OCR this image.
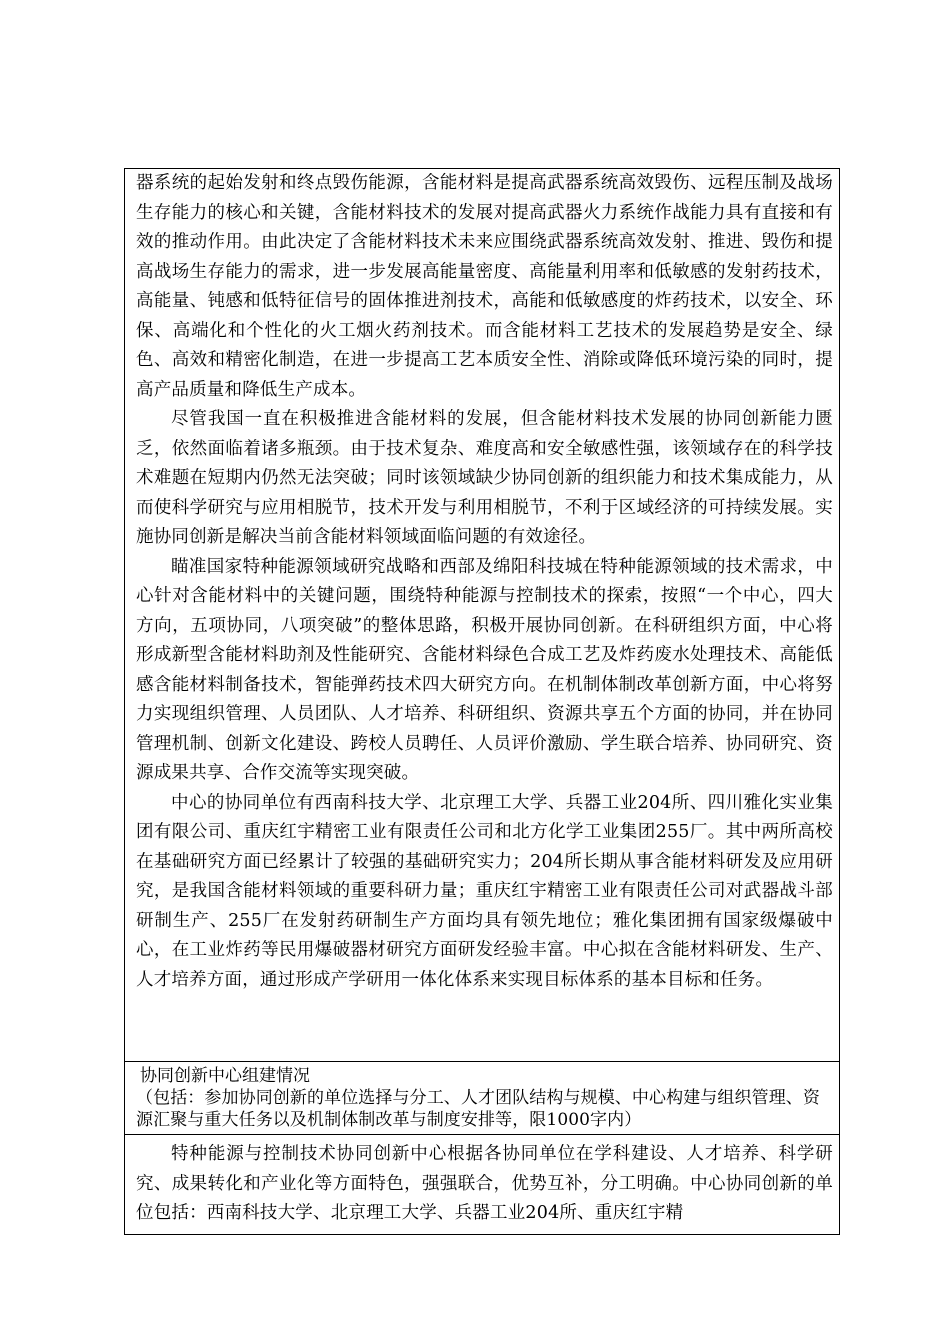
器系统的起始发射和终点毁伤能源，含能材料是提高武器系统高效毁伤、远程压制及战场生存能力的核心和关键，含能材料技术的发展对提高武器火力系统作战能力具有直接和有效的推动作用。由此决定了含能材料技术未来应围绕武器系统高效发射、推进、毁伤和提高战场生存能力的需求，进一步发展高能量密度、高能量利用率和低敏感的发射药技术，高能量、钝感和低特征信号的固体推进剂技术，高能和低敏感度的炸药技术，以安全、环保、高端化和个性化的火工烟火药剂技术。而含能材料工艺技术的发展趋势是安全、绿色、高效和精密化制造，在进一步提高工艺本质安全性、消除或降低环境污染的同时，提高产品质量和降低生产成本。

尽管我国一直在积极推进含能材料的发展，但含能材料技术发展的协同创新能力匮乏，依然面临着诸多瓶颈。由于技术复杂、难度高和安全敏感性强，该领域存在的科学技术难题在短期内仍然无法突破；同时该领域缺少协同创新的组织能力和技术集成能力，从而使科学研究与应用相脱节，技术开发与利用相脱节，不利于区域经济的可持续发展。实施协同创新是解决当前含能材料领域面临问题的有效途径。

瞄准国家特种能源领域研究战略和西部及绵阳科技城在特种能源领域的技术需求，中心针对含能材料中的关键问题，围绕特种能源与控制技术的探索，按照“一个中心，四大方向，五项协同，八项突破”的整体思路，积极开展协同创新。在科研组织方面，中心将形成新型含能材料助剂及性能研究、含能材料绿色合成工艺及炸药废水处理技术、高能低感含能材料制备技术，智能弹药技术四大研究方向。在机制体制改革创新方面，中心将努力实现组织管理、人员团队、人才培养、科研组织、资源共享五个方面的协同，并在协同管理机制、创新文化建设、跨校人员聘任、人员评价激励、学生联合培养、协同研究、资源成果共享、合作交流等实现突破。

中心的协同单位有西南科技大学、北京理工大学、兵器工业204所、四川雅化实业集团有限公司、重庆红宇精密工业有限责任公司和北方化学工业集团255厂。其中两所高校在基础研究方面已经累计了较强的基础研究实力；204所长期从事含能材料研发及应用研究，是我国含能材料领域的重要科研力量；重庆红宇精密工业有限责任公司对武器战斗部研制生产、255厂在发射药研制生产方面均具有领先地位；雅化集团拥有国家级爆破中心，在工业炸药等民用爆破器材研究方面研发经验丰富。中心拟在含能材料研发、生产、人才培养方面，通过形成产学研用一体化体系来实现目标体系的基本目标和任务。

协同创新中心组建情况
（包括：参加协同创新的单位选择与分工、人才团队结构与规模、中心构建与组织管理、资源汇聚与重大任务以及机制体制改革与制度安排等，限1000字内）

特种能源与控制技术协同创新中心根据各协同单位在学科建设、人才培养、科学研究、成果转化和产业化等方面特色，强强联合，优势互补，分工明确。中心协同创新的单位包括：西南科技大学、北京理工大学、兵器工业204所、重庆红宇精
